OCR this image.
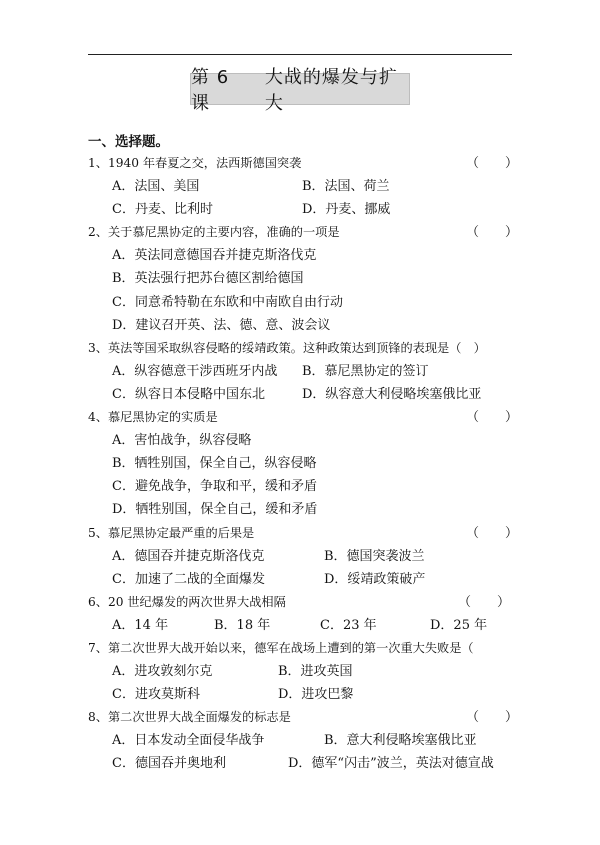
第 6 课
大战的爆发与扩大
一、选择题。
1、1940 年春夏之交，法西斯德国突袭	（　　）
A．法国、美国	B．法国、荷兰
C．丹麦、比利时	D．丹麦、挪威
2、关于慕尼黑协定的主要内容，准确的一项是	（　　）
A．英法同意德国吞并捷克斯洛伐克
B．英法强行把苏台德区割给德国
C．同意希特勒在东欧和中南欧自由行动
D．建议召开英、法、德、意、波会议
3、英法等国采取纵容侵略的绥靖政策。这种政策达到顶锋的表现是（　）
A．纵容德意干涉西班牙内战 B．慕尼黑协定的签订
C．纵容日本侵略中国东北	D．纵容意大利侵略埃塞俄比亚
4、慕尼黑协定的实质是	（　　）
A．害怕战争，纵容侵略
B．牺牲别国，保全自己，纵容侵略
C．避免战争，争取和平，缓和矛盾
D．牺牲别国，保全自己，缓和矛盾
5、慕尼黑协定最严重的后果是	（　　）
A．德国吞并捷克斯洛伐克	B．德国突袭波兰
C．加速了二战的全面爆发	D．绥靖政策破产
6、20 世纪爆发的两次世界大战相隔	（　　）
A．14 年	B．18 年	C．23 年	D．25 年
7、第二次世界大战开始以来，德军在战场上遭到的第一次重大失败是（
A．进攻敦刻尔克	B．进攻英国
C．进攻莫斯科	D．进攻巴黎
8、第二次世界大战全面爆发的标志是	（　　）
A．日本发动全面侵华战争	B．意大利侵略埃塞俄比亚
C．德国吞并奥地利	D．德军“闪击”波兰，英法对德宣战
